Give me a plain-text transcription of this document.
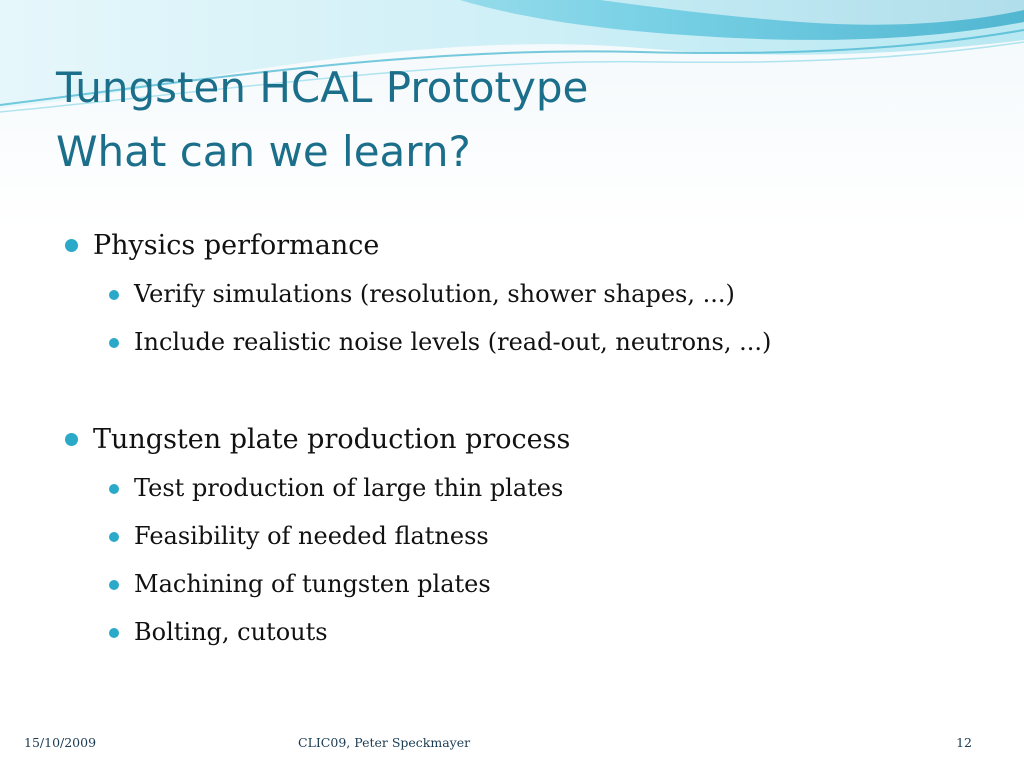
Tungsten HCAL Prototype
What can we learn?
Physics performance
Verify simulations (resolution, shower shapes, ...)
Include realistic noise levels (read-out, neutrons, ...)
Tungsten plate production process
Test production of large thin plates
Feasibility of needed flatness
Machining of tungsten plates
Bolting, cutouts
15/10/2009	CLIC09, Peter Speckmayer	12
